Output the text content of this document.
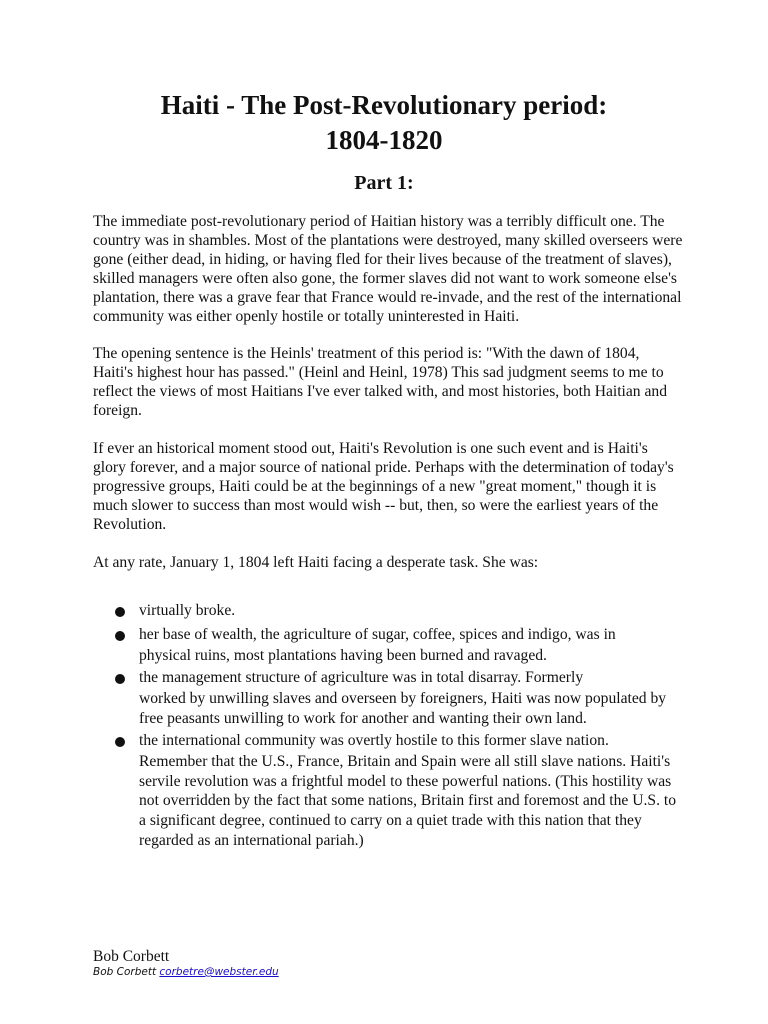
Haiti - The Post-Revolutionary period:
1804-1820
Part 1:

The immediate post-revolutionary period of Haitian history was a terribly difficult one. The country was in shambles. Most of the plantations were destroyed, many skilled overseers were gone (either dead, in hiding, or having fled for their lives because of the treatment of slaves), skilled managers were often also gone, the former slaves did not want to work someone else's plantation, there was a grave fear that France would re-invade, and the rest of the international community was either openly hostile or totally uninterested in Haiti.

The opening sentence is the Heinls' treatment of this period is: "With the dawn of 1804, Haiti's highest hour has passed." (Heinl and Heinl, 1978) This sad judgment seems to me to reflect the views of most Haitians I've ever talked with, and most histories, both Haitian and foreign.

If ever an historical moment stood out, Haiti's Revolution is one such event and is Haiti's glory forever, and a major source of national pride. Perhaps with the determination of today's progressive groups, Haiti could be at the beginnings of a new "great moment," though it is much slower to success than most would wish -- but, then, so were the earliest years of the Revolution.

At any rate, January 1, 1804 left Haiti facing a desperate task. She was:

virtually broke.
her base of wealth, the agriculture of sugar, coffee, spices and indigo, was in
physical ruins, most plantations having been burned and ravaged.
the management structure of agriculture was in total disarray. Formerly
worked by unwilling slaves and overseen by foreigners, Haiti was now populated by free peasants unwilling to work for another and wanting their own land.
the international community was overtly hostile to this former slave nation.
Remember that the U.S., France, Britain and Spain were all still slave nations. Haiti's servile revolution was a frightful model to these powerful nations. (This hostility was not overridden by the fact that some nations, Britain first and foremost and the U.S. to a significant degree, continued to carry on a quiet trade with this nation that they regarded as an international pariah.)

Bob Corbett

Bob Corbett corbetre@webster.edu
